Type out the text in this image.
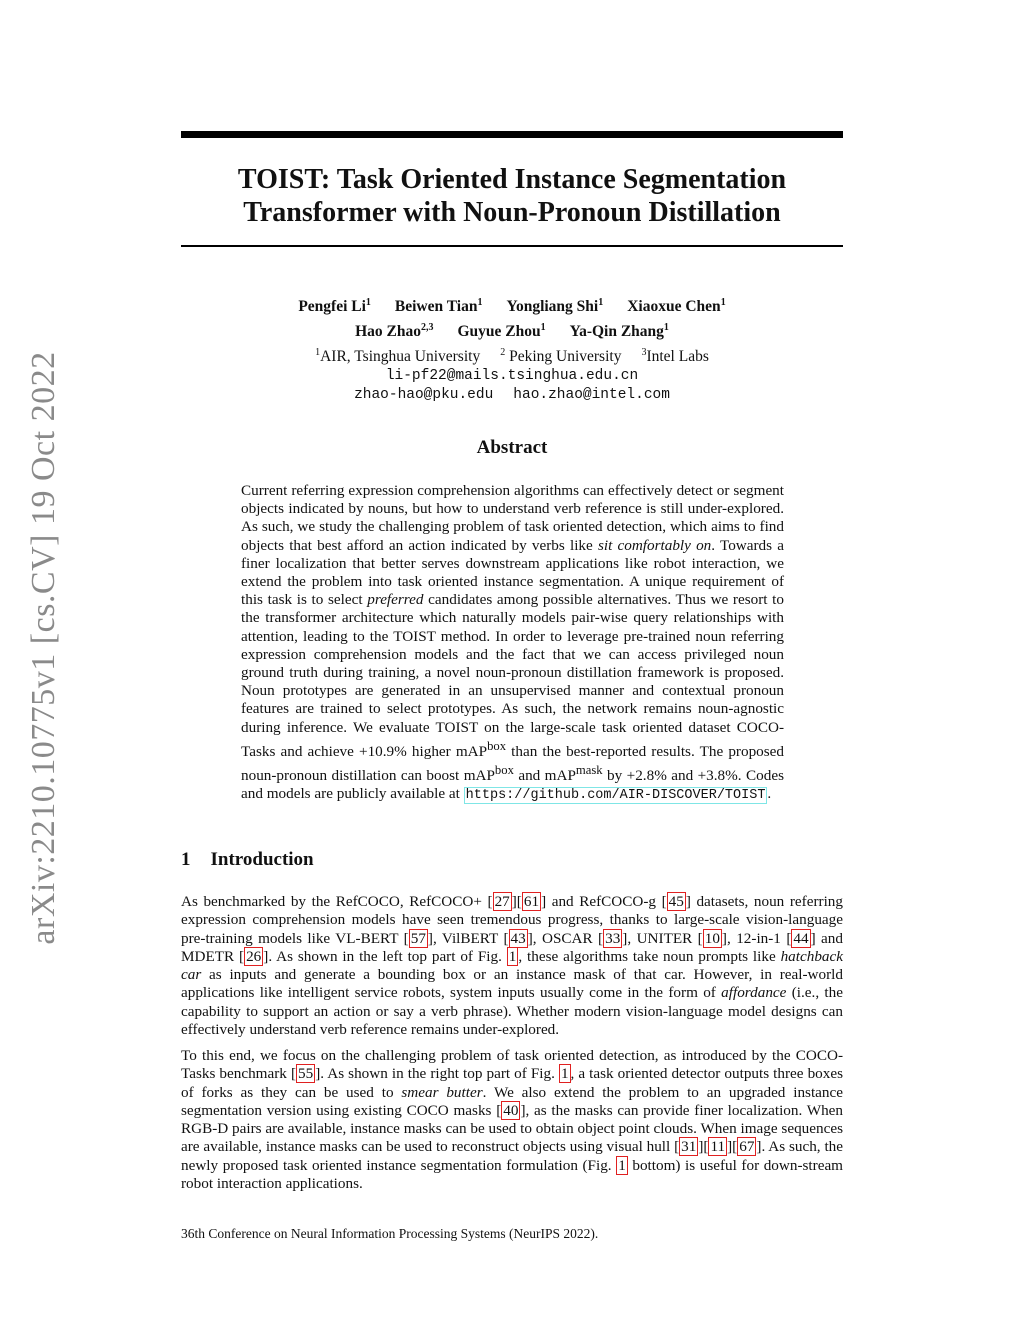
arXiv:2210.10775v1 [cs.CV] 19 Oct 2022
TOIST: Task Oriented Instance Segmentation
Transformer with Noun-Pronoun Distillation
Pengfei Li$^1$ Beiwen Tian$^1$ Yongliang Shi$^1$ Xiaoxue Chen$^1$
Hao Zhao$^{2,3}$ Guyue Zhou$^1$ Ya-Qin Zhang$^1$
$^1$AIR, Tsinghua University $^2$ Peking University $^3$Intel Labs
li-pf22@mails.tsinghua.edu.cn
zhao-hao@pku.edu hao.zhao@intel.com
Abstract
Current referring expression comprehension algorithms can effectively detect or segment objects indicated by nouns, but how to understand verb reference is still under-explored. As such, we study the challenging problem of task oriented detection, which aims to find objects that best afford an action indicated by verbs like sit comfortably on. Towards a finer localization that better serves downstream applications like robot interaction, we extend the problem into task oriented instance segmentation. A unique requirement of this task is to select preferred candidates among possible alternatives. Thus we resort to the transformer architecture which naturally models pair-wise query relationships with attention, leading to the TOIST method. In order to leverage pre-trained noun referring expression comprehension models and the fact that we can access privileged noun ground truth during training, a novel noun-pronoun distillation framework is proposed. Noun prototypes are generated in an unsupervised manner and contextual pronoun features are trained to select prototypes. As such, the network remains noun-agnostic during inference. We evaluate TOIST on the large-scale task oriented dataset COCO-Tasks and achieve +10.9% higher mAP$^{box}$ than the best-reported results. The proposed noun-pronoun distillation can boost mAP$^{box}$ and mAP$^{mask}$ by +2.8% and +3.8%. Codes and models are publicly available at https://github.com/AIR-DISCOVER/TOIST .
1 Introduction
As benchmarked by the RefCOCO, RefCOCO+ [ 27 ][ 61 ] and RefCOCO-g [ 45 ] datasets, noun referring expression comprehension models have seen tremendous progress, thanks to large-scale vision-language pre-training models like VL-BERT [ 57 ], VilBERT [ 43 ], OSCAR [ 33 ], UNITER [ 10 ], 12-in-1 [ 44 ] and MDETR [ 26 ]. As shown in the left top part of Fig. 1 , these algorithms take noun prompts like hatchback car as inputs and generate a bounding box or an instance mask of that car. However, in real-world applications like intelligent service robots, system inputs usually come in the form of affordance (i.e., the capability to support an action or say a verb phrase). Whether modern vision-language model designs can effectively understand verb reference remains under-explored.
To this end, we focus on the challenging problem of task oriented detection, as introduced by the COCO-Tasks benchmark [ 55 ]. As shown in the right top part of Fig. 1 , a task oriented detector outputs three boxes of forks as they can be used to smear butter. We also extend the problem to an upgraded instance segmentation version using existing COCO masks [ 40 ], as the masks can provide finer localization. When RGB-D pairs are available, instance masks can be used to obtain object point clouds. When image sequences are available, instance masks can be used to reconstruct objects using visual hull [ 31 ][ 11 ][ 67 ]. As such, the newly proposed task oriented instance segmentation formulation (Fig. 1 bottom) is useful for down-stream robot interaction applications.
36th Conference on Neural Information Processing Systems (NeurIPS 2022).
